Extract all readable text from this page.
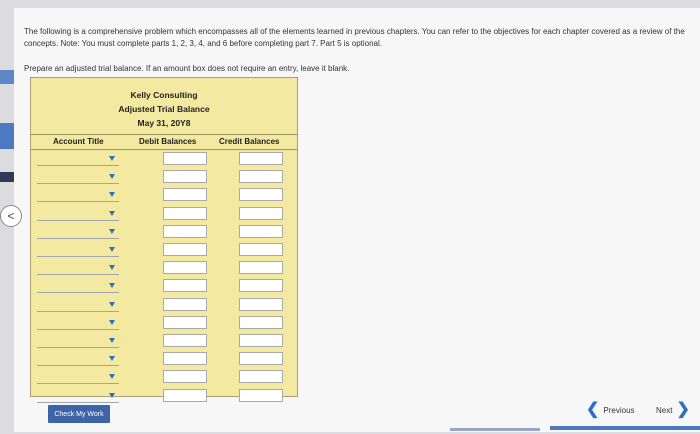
The following is a comprehensive problem which encompasses all of the elements learned in previous chapters. You can refer to the objectives for each chapter covered as a review of the concepts. Note: You must complete parts 1, 2, 3, 4, and 6 before completing part 7. Part 5 is optional.
Prepare an adjusted trial balance. If an amount box does not require an entry, leave it blank.
Kelly Consulting
Adjusted Trial Balance
May 31, 20Y8
Account Title	Debit Balances	Credit Balances
Check My Work	❮ Previous	Next ❯
<
